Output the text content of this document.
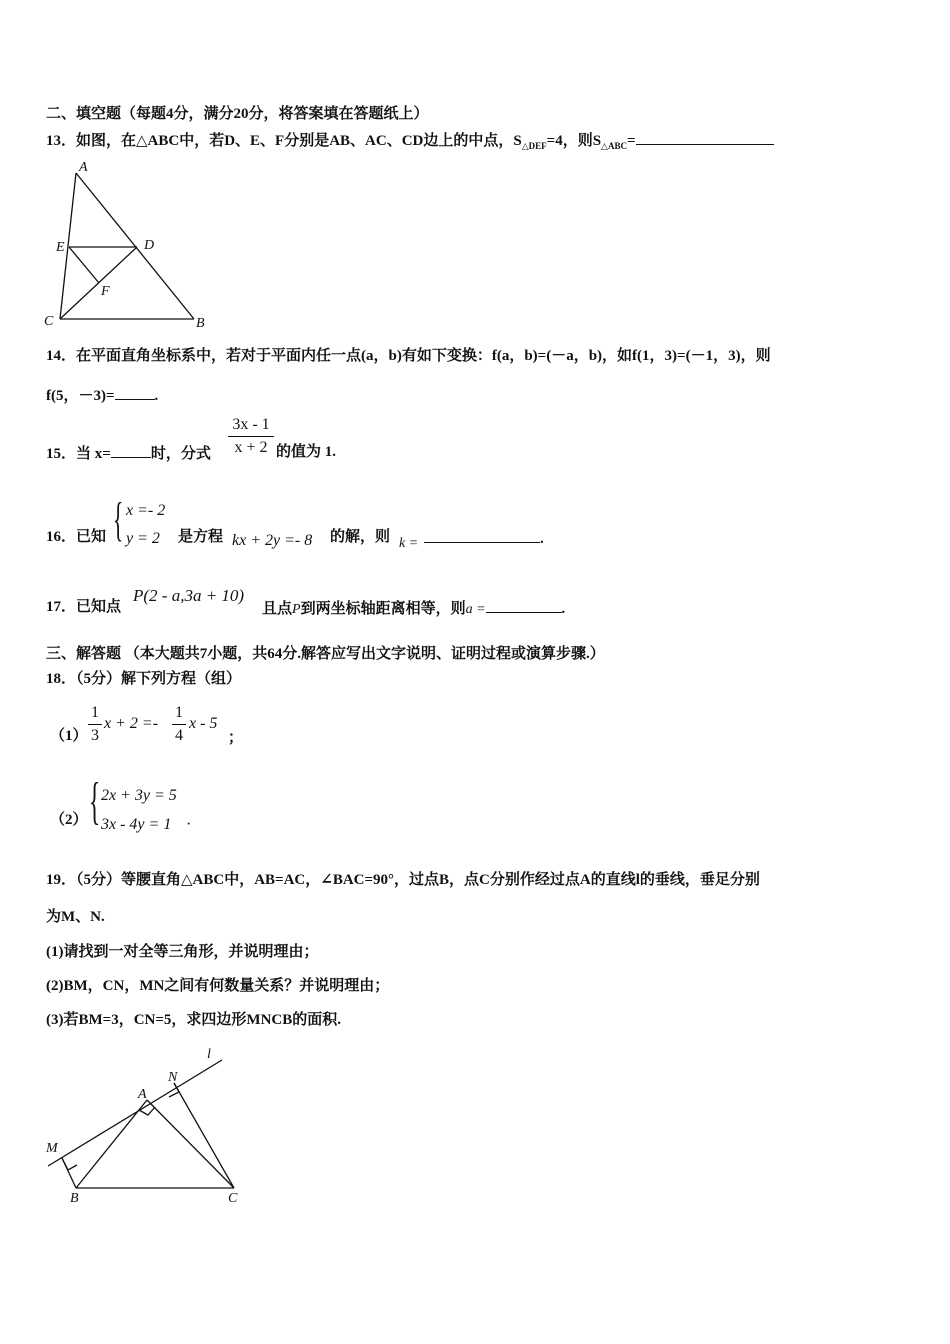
二、填空题（每题4分，满分20分，将答案填在答题纸上）
13．如图，在△ABC中，若D、E、F分别是AB、AC、CD边上的中点，$S_{\triangle DEF}=4$，则$S_{\triangle ABC}=$
A
B
C
D
E
F
14．在平面直角坐标系中，若对于平面内任一点(a，b)有如下变换：f(a，b)=(－a，b)，如f(1，3)=(－1，3)，则
f(5，－3)=	.
15．当 x=	时，分式
3x - 1
x + 2 的值为 1.
16．已知 { x =- 2
y = 2 是方程 kx + 2y =- 8 的解，则 k =	.
17．已知点
P(2 - a,3a + 10)
且点P到两坐标轴距离相等，则a =	.
三、解答题 （本大题共7小题，共64分.解答应写出文字说明、证明过程或演算步骤.）
18．（5分）解下列方程（组）
（1）
1
3
x + 2 =-
1
4
x - 5
；
（2） { 2x + 3y = 5
3x - 4y = 1 ·
19．（5分）等腰直角△ABC中，AB=AC，∠BAC=90°，过点B，点C分别作经过点A的直线l的垂线，垂足分别
为M、N.
(1)请找到一对全等三角形，并说明理由；
(2)BM，CN，MN之间有何数量关系？并说明理由；
(3)若BM=3，CN=5，求四边形MNCB的面积.
l
N
A
M
B	C
